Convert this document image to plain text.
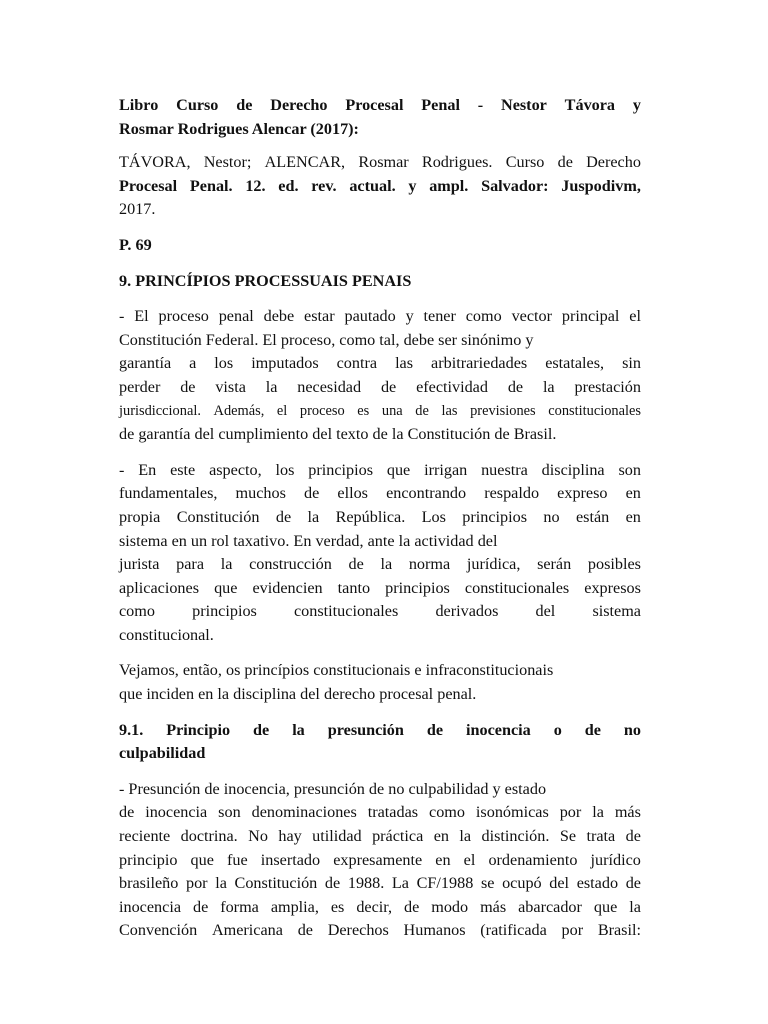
Libro Curso de Derecho Procesal Penal - Nestor Távora y
Rosmar Rodrigues Alencar (2017):

TÁVORA, Nestor; ALENCAR, Rosmar Rodrigues. Curso de Derecho
Procesal Penal. 12. ed. rev. actual. y ampl. Salvador: Juspodivm,
2017.

P. 69

9. PRINCÍPIOS PROCESSUAIS PENAIS

- El proceso penal debe estar pautado y tener como vector principal el
Constitución Federal. El proceso, como tal, debe ser sinónimo y
garantía a los imputados contra las arbitrariedades estatales, sin
perder de vista la necesidad de efectividad de la prestación
jurisdiccional. Además, el proceso es una de las previsiones constitucionales
de garantía del cumplimiento del texto de la Constitución de Brasil.

- En este aspecto, los principios que irrigan nuestra disciplina son
fundamentales, muchos de ellos encontrando respaldo expreso en
propia Constitución de la República. Los principios no están en
sistema en un rol taxativo. En verdad, ante la actividad del
jurista para la construcción de la norma jurídica, serán posibles
aplicaciones que evidencien tanto principios constitucionales expresos
como principios constitucionales derivados del sistema
constitucional.

Vejamos, então, os princípios constitucionais e infraconstitucionais
que inciden en la disciplina del derecho procesal penal.

9.1. Principio de la presunción de inocencia o de no
culpabilidad

- Presunción de inocencia, presunción de no culpabilidad y estado
de inocencia son denominaciones tratadas como isonómicas por la más
reciente doctrina. No hay utilidad práctica en la distinción. Se trata de
principio que fue insertado expresamente en el ordenamiento jurídico
brasileño por la Constitución de 1988. La CF/1988 se ocupó del estado de
inocencia de forma amplia, es decir, de modo más abarcador que la
Convención Americana de Derechos Humanos (ratificada por Brasil:
